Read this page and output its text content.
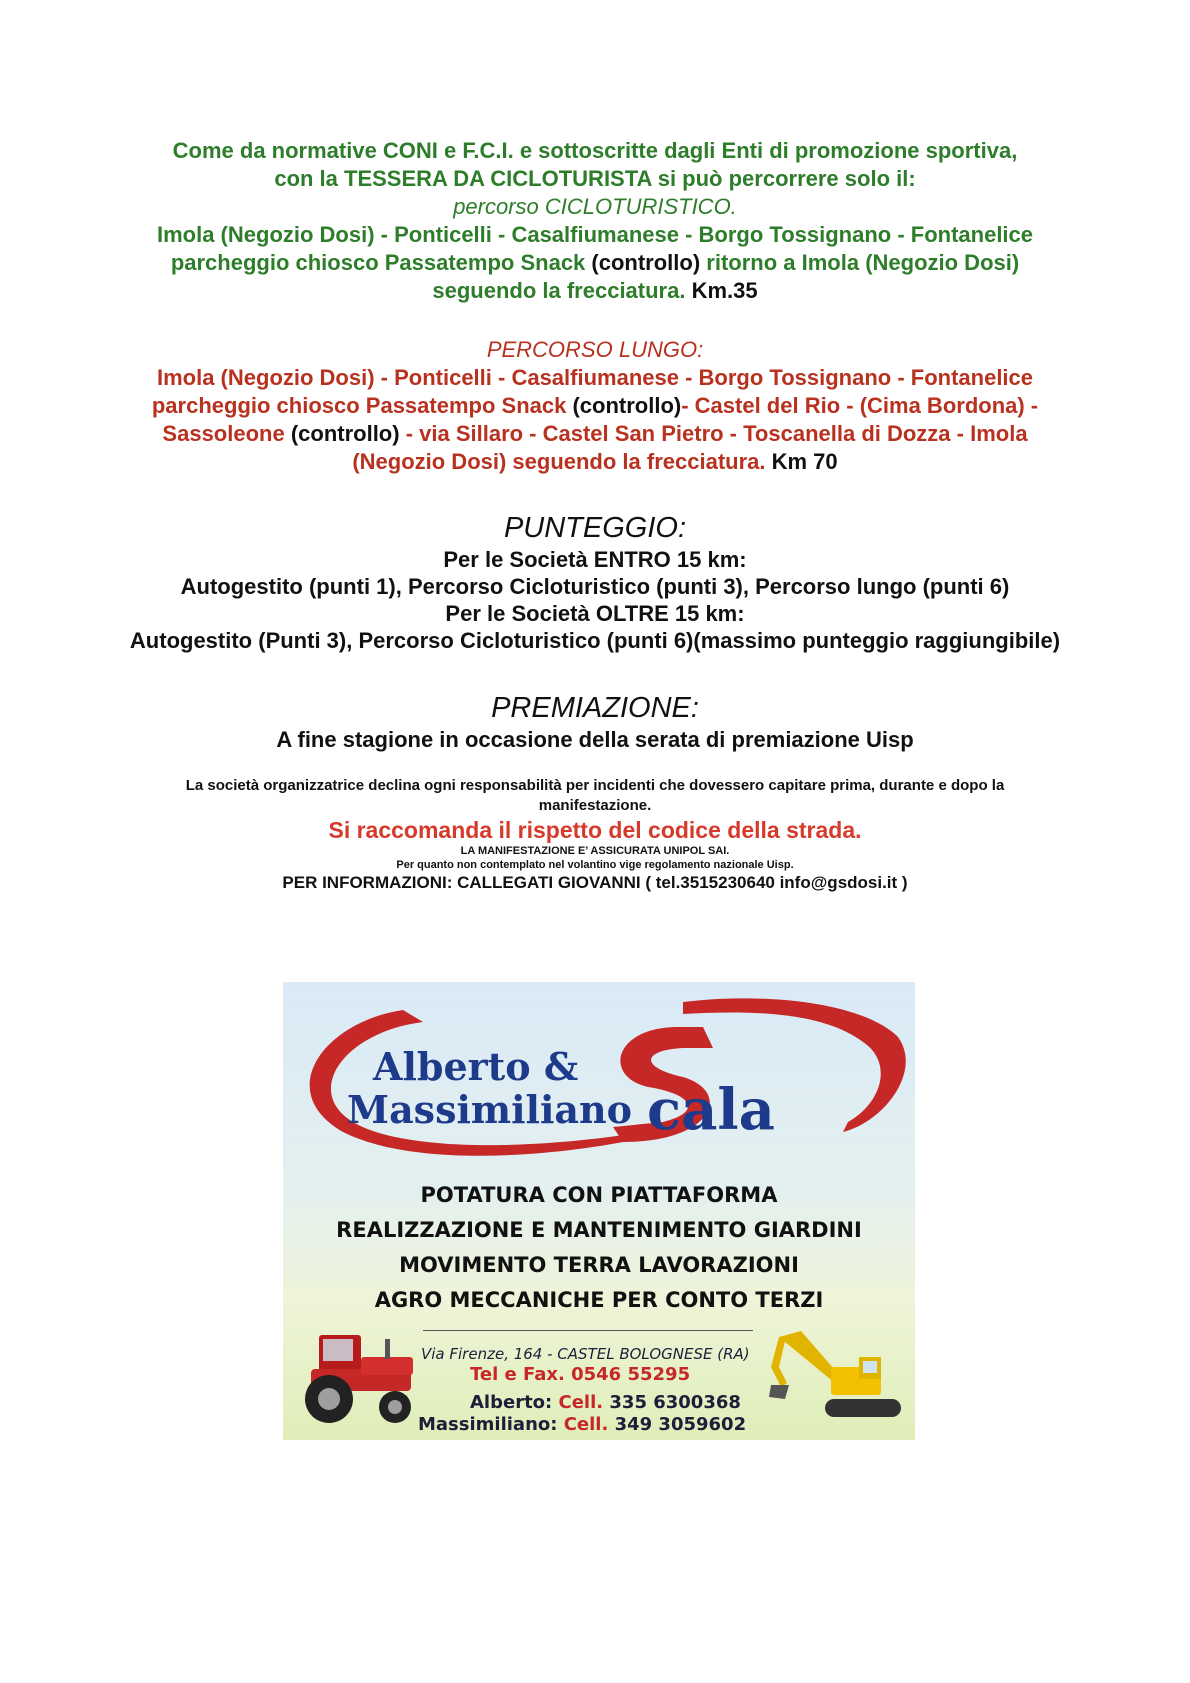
Come da normative CONI e F.C.I. e sottoscritte dagli Enti di promozione sportiva,
con la TESSERA DA CICLOTURISTA si può percorrere solo il:
percorso CICLOTURISTICO.
Imola (Negozio Dosi) - Ponticelli - Casalfiumanese - Borgo Tossignano - Fontanelice
parcheggio chiosco Passatempo Snack (controllo) ritorno a Imola (Negozio Dosi)
seguendo la frecciatura. Km.35
PERCORSO LUNGO:
Imola (Negozio Dosi) - Ponticelli - Casalfiumanese - Borgo Tossignano - Fontanelice
parcheggio chiosco Passatempo Snack (controllo)- Castel del Rio - (Cima Bordona) -
Sassoleone (controllo) - via Sillaro - Castel San Pietro - Toscanella di Dozza - Imola
(Negozio Dosi) seguendo la frecciatura. Km 70
PUNTEGGIO:
Per le Società ENTRO 15 km:
Autogestito (punti 1), Percorso Cicloturistico (punti 3), Percorso lungo (punti 6)
Per le Società OLTRE 15 km:
Autogestito (Punti 3), Percorso Cicloturistico (punti 6)(massimo punteggio raggiungibile)
PREMIAZIONE:
A fine stagione in occasione della serata di premiazione Uisp
La società organizzatrice declina ogni responsabilità per incidenti che dovessero capitare prima, durante e dopo la
manifestazione.
Si raccomanda il rispetto del codice della strada.
LA MANIFESTAZIONE E’ ASSICURATA UNIPOL SAI.
Per quanto non contemplato nel volantino vige regolamento nazionale Uisp.
PER INFORMAZIONI: CALLEGATI GIOVANNI ( tel.3515230640 info@gsdosi.it )
Alberto &
Massimiliano cala
POTATURA CON PIATTAFORMA
REALIZZAZIONE E MANTENIMENTO GIARDINI
MOVIMENTO TERRA LAVORAZIONI
AGRO MECCANICHE PER CONTO TERZI
Via Firenze, 164 - CASTEL BOLOGNESE (RA)
Tel e Fax. 0546 55295
Alberto: Cell. 335 6300368
Massimiliano: Cell. 349 3059602
